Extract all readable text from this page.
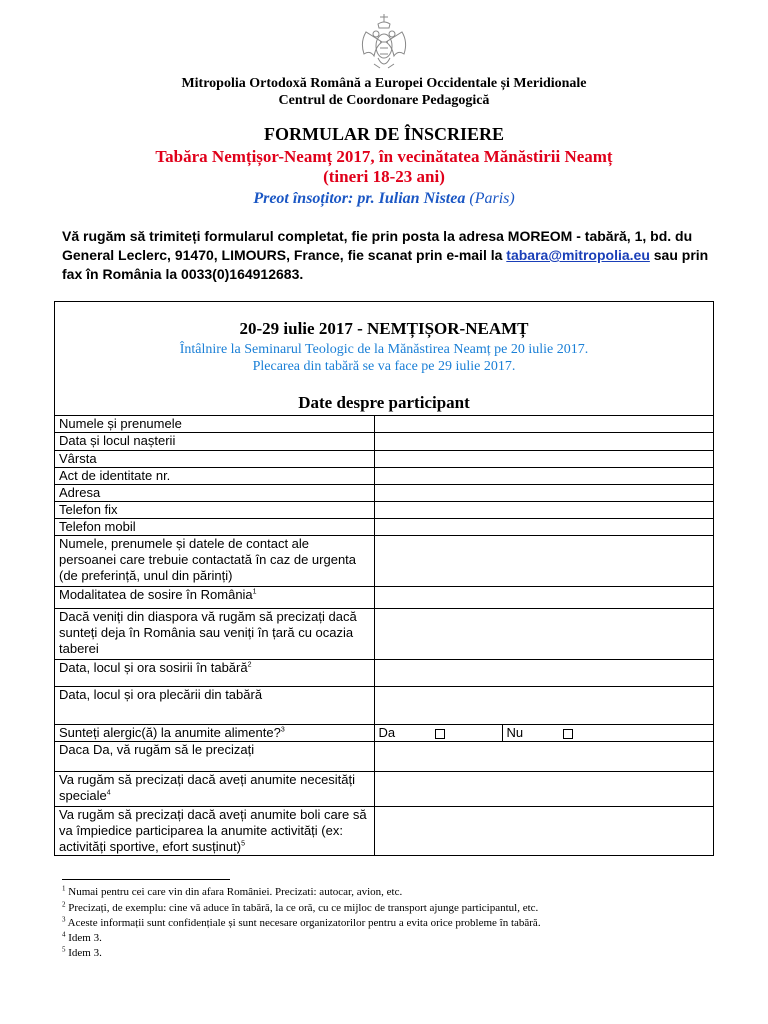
Mitropolia Ortodoxă Română a Europei Occidentale și Meridionale
Centrul de Coordonare Pedagogică
FORMULAR DE ÎNSCRIERE
Tabăra Nemțișor-Neamț 2017, în vecinătatea Mănăstirii Neamț
(tineri 18-23 ani)
Preot însoțitor: pr. Iulian Nistea (Paris)
Vă rugăm să trimiteți formularul completat, fie prin posta la adresa MOREOM - tabără, 1, bd. du General Leclerc, 91470, LIMOURS, France, fie scanat prin e-mail la tabara@mitropolia.eu sau prin fax în România la 0033(0)164912683.
20-29 iulie 2017 - NEMȚIȘOR-NEAMȚ
Întâlnire la Seminarul Teologic de la Mănăstirea Neamț pe 20 iulie 2017.
Plecarea din tabără se va face pe 29 iulie 2017.
Date despre participant
Numele și prenumele		
Data și locul nașterii		
Vârsta		
Act de identitate nr.		
Adresa		
Telefon fix		
Telefon mobil		
Numele, prenumele și datele de contact ale persoanei care trebuie contactată în caz de urgenta (de preferință, unul din părinți)		
Modalitatea de sosire în România$^1$	
Dacă veniți din diaspora vă rugăm să precizați dacă sunteți deja în România sau veniți în țară cu ocazia taberei		
Data, locul și ora sosirii în tabără$^2$	
Data, locul și ora plecării din tabără		
Sunteți alergic(ă) la anumite alimente?$^3$	Da	Nu
Daca Da, vă rugăm să le precizați		
Va rugăm să precizați dacă aveți anumite necesități speciale$^4$	
Va rugăm să precizați dacă aveți anumite boli care să va împiedice participarea la anumite activități (ex: activități sportive, efort susținut)$^5$	
$^1$ Numai pentru cei care vin din afara României. Precizati: autocar, avion, etc.
$^2$ Precizați, de exemplu: cine vă aduce în tabără, la ce oră, cu ce mijloc de transport ajunge participantul, etc.
$^3$ Aceste informații sunt confidențiale și sunt necesare organizatorilor pentru a evita orice probleme în tabără.
$^4$ Idem 3.
$^5$ Idem 3.
